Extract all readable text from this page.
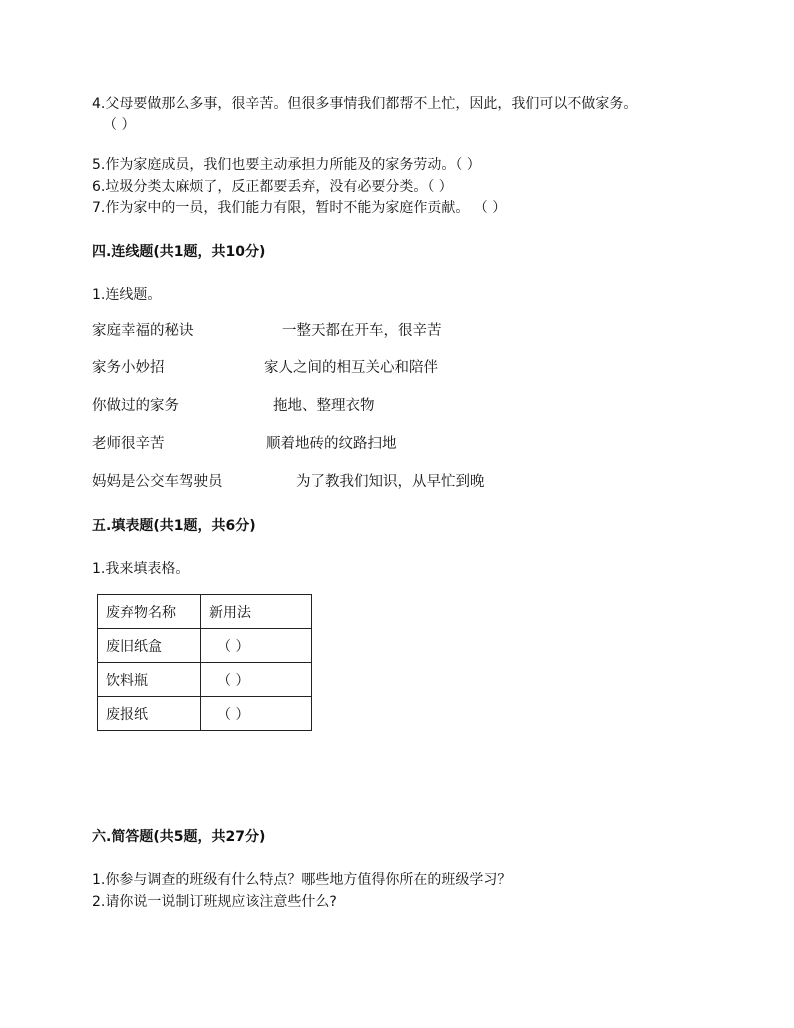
4.父母要做那么多事，很辛苦。但很多事情我们都帮不上忙，因此，我们可以不做家务。
（ ）
5.作为家庭成员，我们也要主动承担力所能及的家务劳动。（ ）
6.垃圾分类太麻烦了，反正都要丢弃，没有必要分类。（ ）
7.作为家中的一员，我们能力有限，暂时不能为家庭作贡献。 （ ）
四.连线题(共1题，共10分)
1.连线题。
家庭幸福的秘诀	一整天都在开车，很辛苦
家务小妙招	家人之间的相互关心和陪伴
你做过的家务	拖地、整理衣物
老师很辛苦	顺着地砖的纹路扫地
妈妈是公交车驾驶员	为了教我们知识，从早忙到晚
五.填表题(共1题，共6分)
1.我来填表格。
废弃物名称	新用法
废旧纸盒	（ ）
饮料瓶	（ ）
废报纸	（ ）
六.简答题(共5题，共27分)
1.你参与调查的班级有什么特点？哪些地方值得你所在的班级学习？
2.请你说一说制订班规应该注意些什么?
